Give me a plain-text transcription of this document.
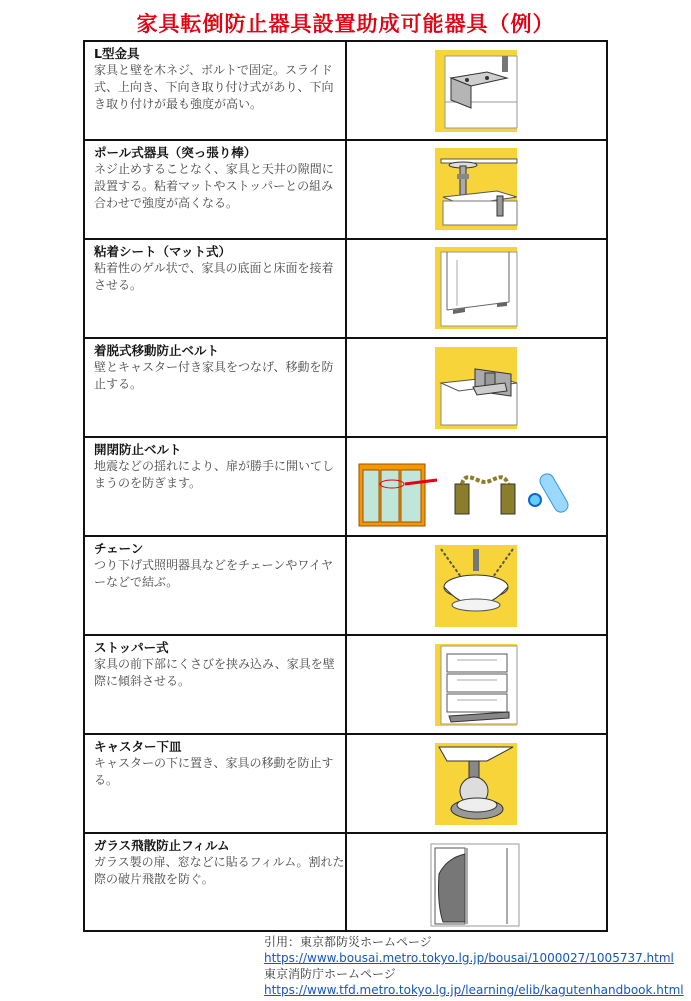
家具転倒防止器具設置助成可能器具（例）
L型金具
家具と壁を木ネジ、ボルトで固定。スライド式、上向き、下向き取り付け式があり、下向き取り付けが最も強度が高い。
ポール式器具（突っ張り棒）
ネジ止めすることなく、家具と天井の隙間に設置する。粘着マットやストッパーとの組み合わせで強度が高くなる。
粘着シート（マット式）
粘着性のゲル状で、家具の底面と床面を接着させる。
着脱式移動防止ベルト
壁とキャスター付き家具をつなげ、移動を防止する。
開閉防止ベルト
地震などの揺れにより、扉が勝手に開いてしまうのを防ぎます。
チェーン
つり下げ式照明器具などをチェーンやワイヤーなどで結ぶ。
ストッパー式
家具の前下部にくさびを挟み込み、家具を壁際に傾斜させる。
キャスター下皿
キャスターの下に置き、家具の移動を防止する。
ガラス飛散防止フィルム
ガラス製の扉、窓などに貼るフィルム。割れた際の破片飛散を防ぐ。
引用：東京都防災ホームページ
https://www.bousai.metro.tokyo.lg.jp/bousai/1000027/1005737.html
東京消防庁ホームページ
https://www.tfd.metro.tokyo.lg.jp/learning/elib/kagutenhandbook.html
